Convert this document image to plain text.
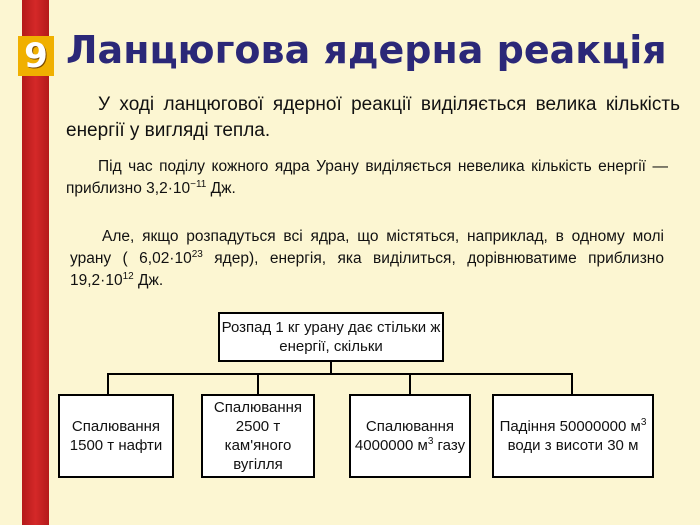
9 Ланцюгова ядерна реакція
У ході ланцюгової ядерної реакції виділяється велика кількість енергії у вигляді тепла.
Під час поділу кожного ядра Урану виділяється невелика кількість енергії — приблизно $3,2\cdot 10^{-11}$ Дж.
Але, якщо розпадуться всі ядра, що містяться, наприклад, в одному молі урану ( $6,02\cdot 10^{23}$ ядер), енергія, яка виділиться, дорівнюватиме приблизно $19,2\cdot 10^{12}$ Дж.
Розпад 1 кг урану дає стільки ж енергії, скільки
Спалювання 1500 т нафти
Спалювання 2500 т кам'яного вугілля
Спалювання 4000000 $м^3$ газу
Падіння 50000000 $м^3$ води з висоти 30 м
